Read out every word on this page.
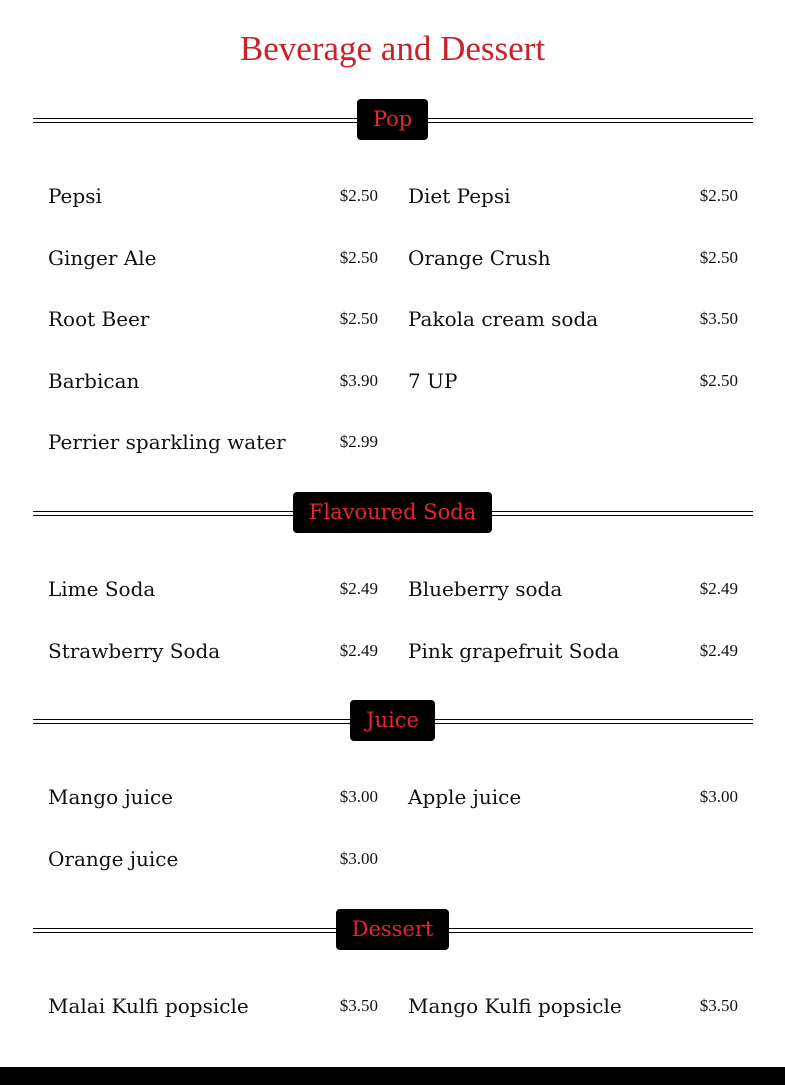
Beverage and Dessert
Pop
Pepsi	$2.50 Diet Pepsi	$2.50
Ginger Ale	$2.50 Orange Crush	$2.50
Root Beer	$2.50 Pakola cream soda	$3.50
Barbican	$3.90 7 UP	$2.50
Perrier sparkling water	$2.99
Flavoured Soda
Lime Soda	$2.49 Blueberry soda	$2.49
Strawberry Soda	$2.49 Pink grapefruit Soda	$2.49
Juice
Mango juice	$3.00 Apple juice	$3.00
Orange juice	$3.00
Dessert
Malai Kulfi popsicle	$3.50 Mango Kulfi popsicle	$3.50
